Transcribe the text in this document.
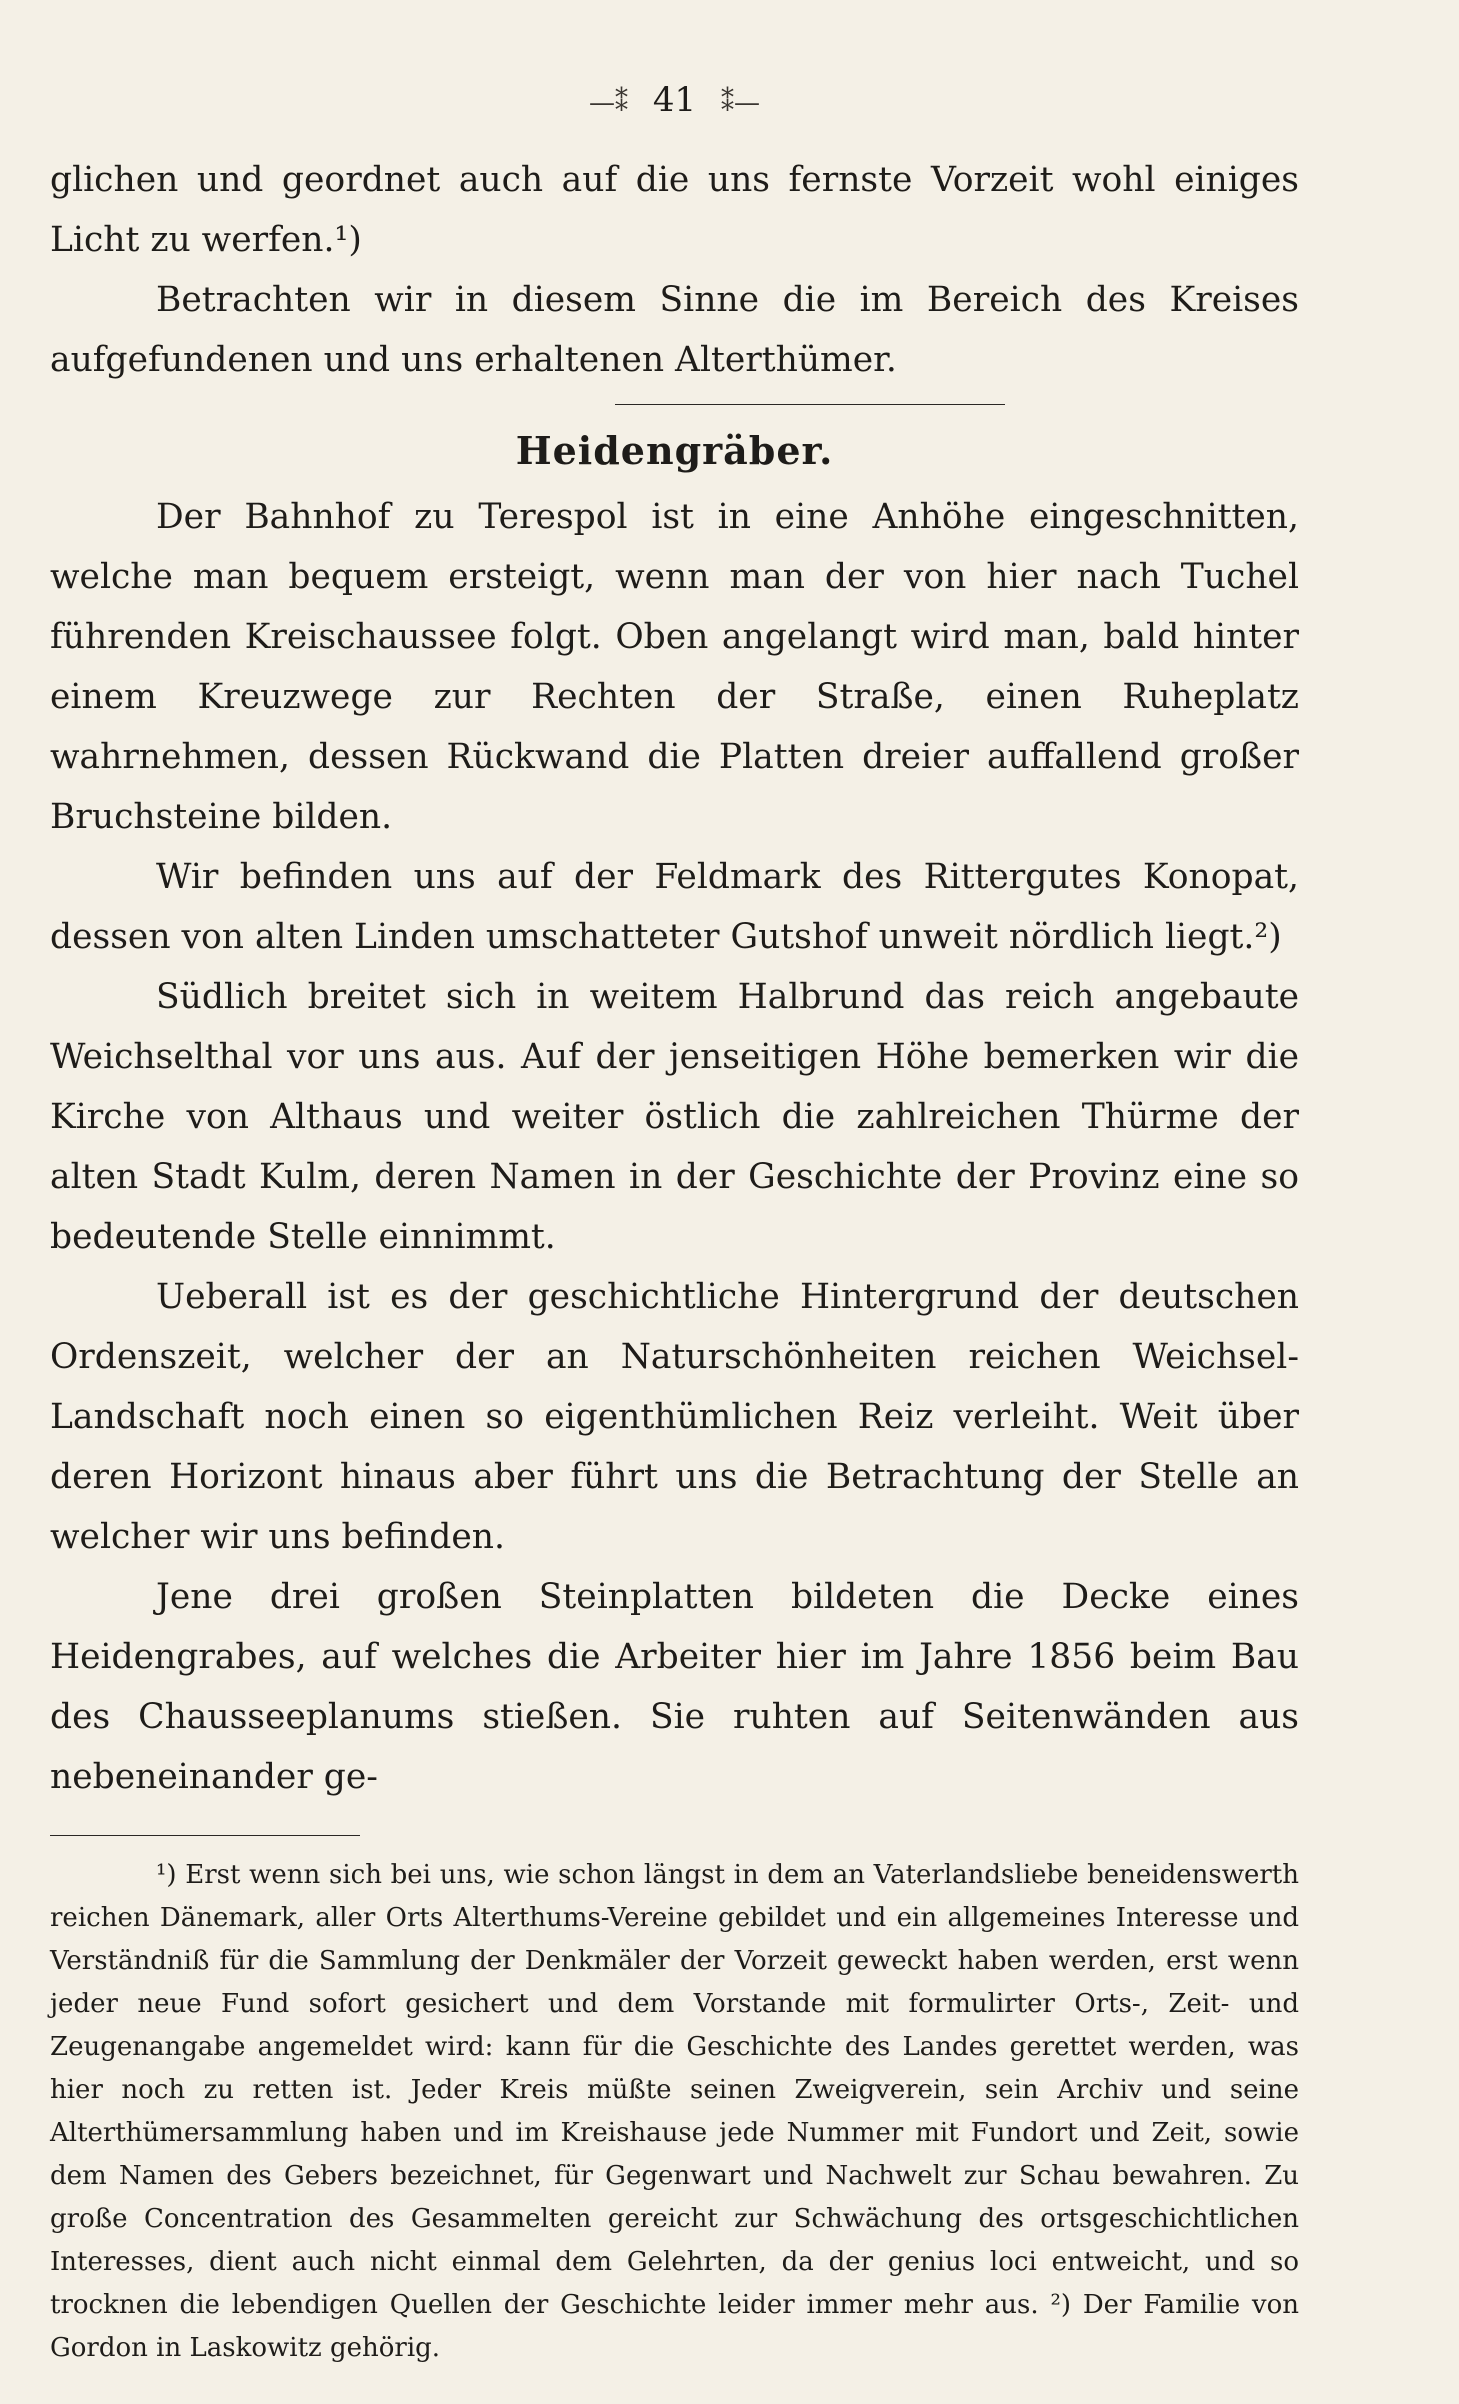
—⁑ 41 ⁑—

glichen und geordnet auch auf die uns fernste Vorzeit wohl einiges Licht zu werfen.¹)

Betrachten wir in diesem Sinne die im Bereich des Kreises aufgefundenen und uns erhaltenen Alterthümer.

Heidengräber.

Der Bahnhof zu Terespol ist in eine Anhöhe eingeschnitten, welche man bequem ersteigt, wenn man der von hier nach Tuchel führenden Kreischaussee folgt. Oben angelangt wird man, bald hinter einem Kreuzwege zur Rechten der Straße, einen Ruheplatz wahrnehmen, dessen Rückwand die Platten dreier auffallend großer Bruchsteine bilden.

Wir befinden uns auf der Feldmark des Rittergutes Konopat, dessen von alten Linden umschatteter Gutshof unweit nördlich liegt.²)

Südlich breitet sich in weitem Halbrund das reich angebaute Weichselthal vor uns aus. Auf der jenseitigen Höhe bemerken wir die Kirche von Althaus und weiter östlich die zahlreichen Thürme der alten Stadt Kulm, deren Namen in der Geschichte der Provinz eine so bedeutende Stelle einnimmt.

Ueberall ist es der geschichtliche Hintergrund der deutschen Ordenszeit, welcher der an Naturschönheiten reichen Weichsel-Landschaft noch einen so eigenthümlichen Reiz verleiht. Weit über deren Horizont hinaus aber führt uns die Betrachtung der Stelle an welcher wir uns befinden.

Jene drei großen Steinplatten bildeten die Decke eines Heidengrabes, auf welches die Arbeiter hier im Jahre 1856 beim Bau des Chausseeplanums stießen. Sie ruhten auf Seitenwänden aus nebeneinander ge-

¹) Erst wenn sich bei uns, wie schon längst in dem an Vaterlandsliebe beneidenswerth reichen Dänemark, aller Orts Alterthums-Vereine gebildet und ein allgemeines Interesse und Verständniß für die Sammlung der Denkmäler der Vorzeit geweckt haben werden, erst wenn jeder neue Fund sofort gesichert und dem Vorstande mit formulirter Orts-, Zeit- und Zeugenangabe angemeldet wird: kann für die Geschichte des Landes gerettet werden, was hier noch zu retten ist. Jeder Kreis müßte seinen Zweigverein, sein Archiv und seine Alterthümersammlung haben und im Kreishause jede Nummer mit Fundort und Zeit, sowie dem Namen des Gebers bezeichnet, für Gegenwart und Nachwelt zur Schau bewahren. Zu große Concentration des Gesammelten gereicht zur Schwächung des ortsgeschichtlichen Interesses, dient auch nicht einmal dem Gelehrten, da der genius loci entweicht, und so trocknen die lebendigen Quellen der Geschichte leider immer mehr aus. ²) Der Familie von Gordon in Laskowitz gehörig.
